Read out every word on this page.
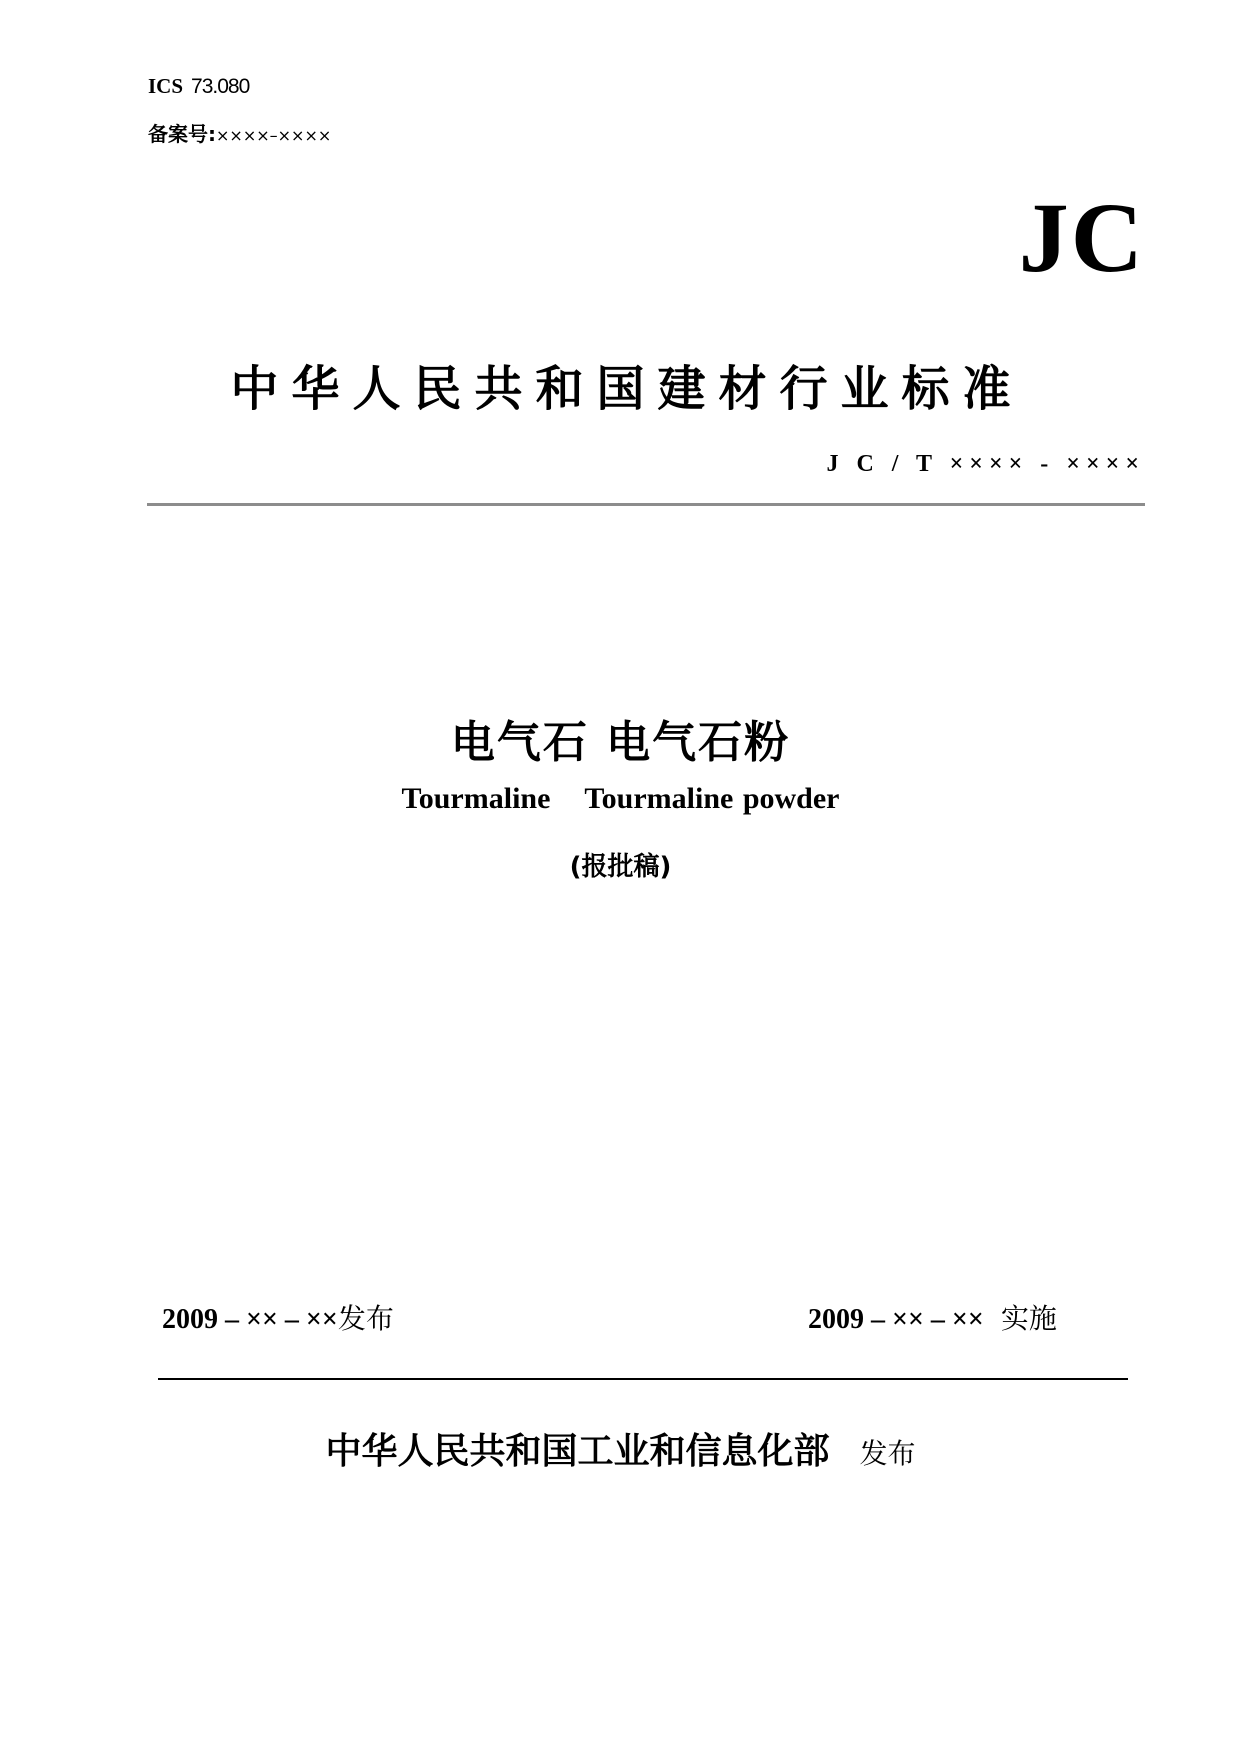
ICS 73.080
备案号:××××–××××
JC
中华人民共和国建材行业标准
J C / T ×××× - ××××
电气石 电气石粉
Tourmaline Tourmaline powder
(报批稿)
2009 – ×× – ××发布	2009 – ×× – ×× 实施
中华人民共和国工业和信息化部 发布
